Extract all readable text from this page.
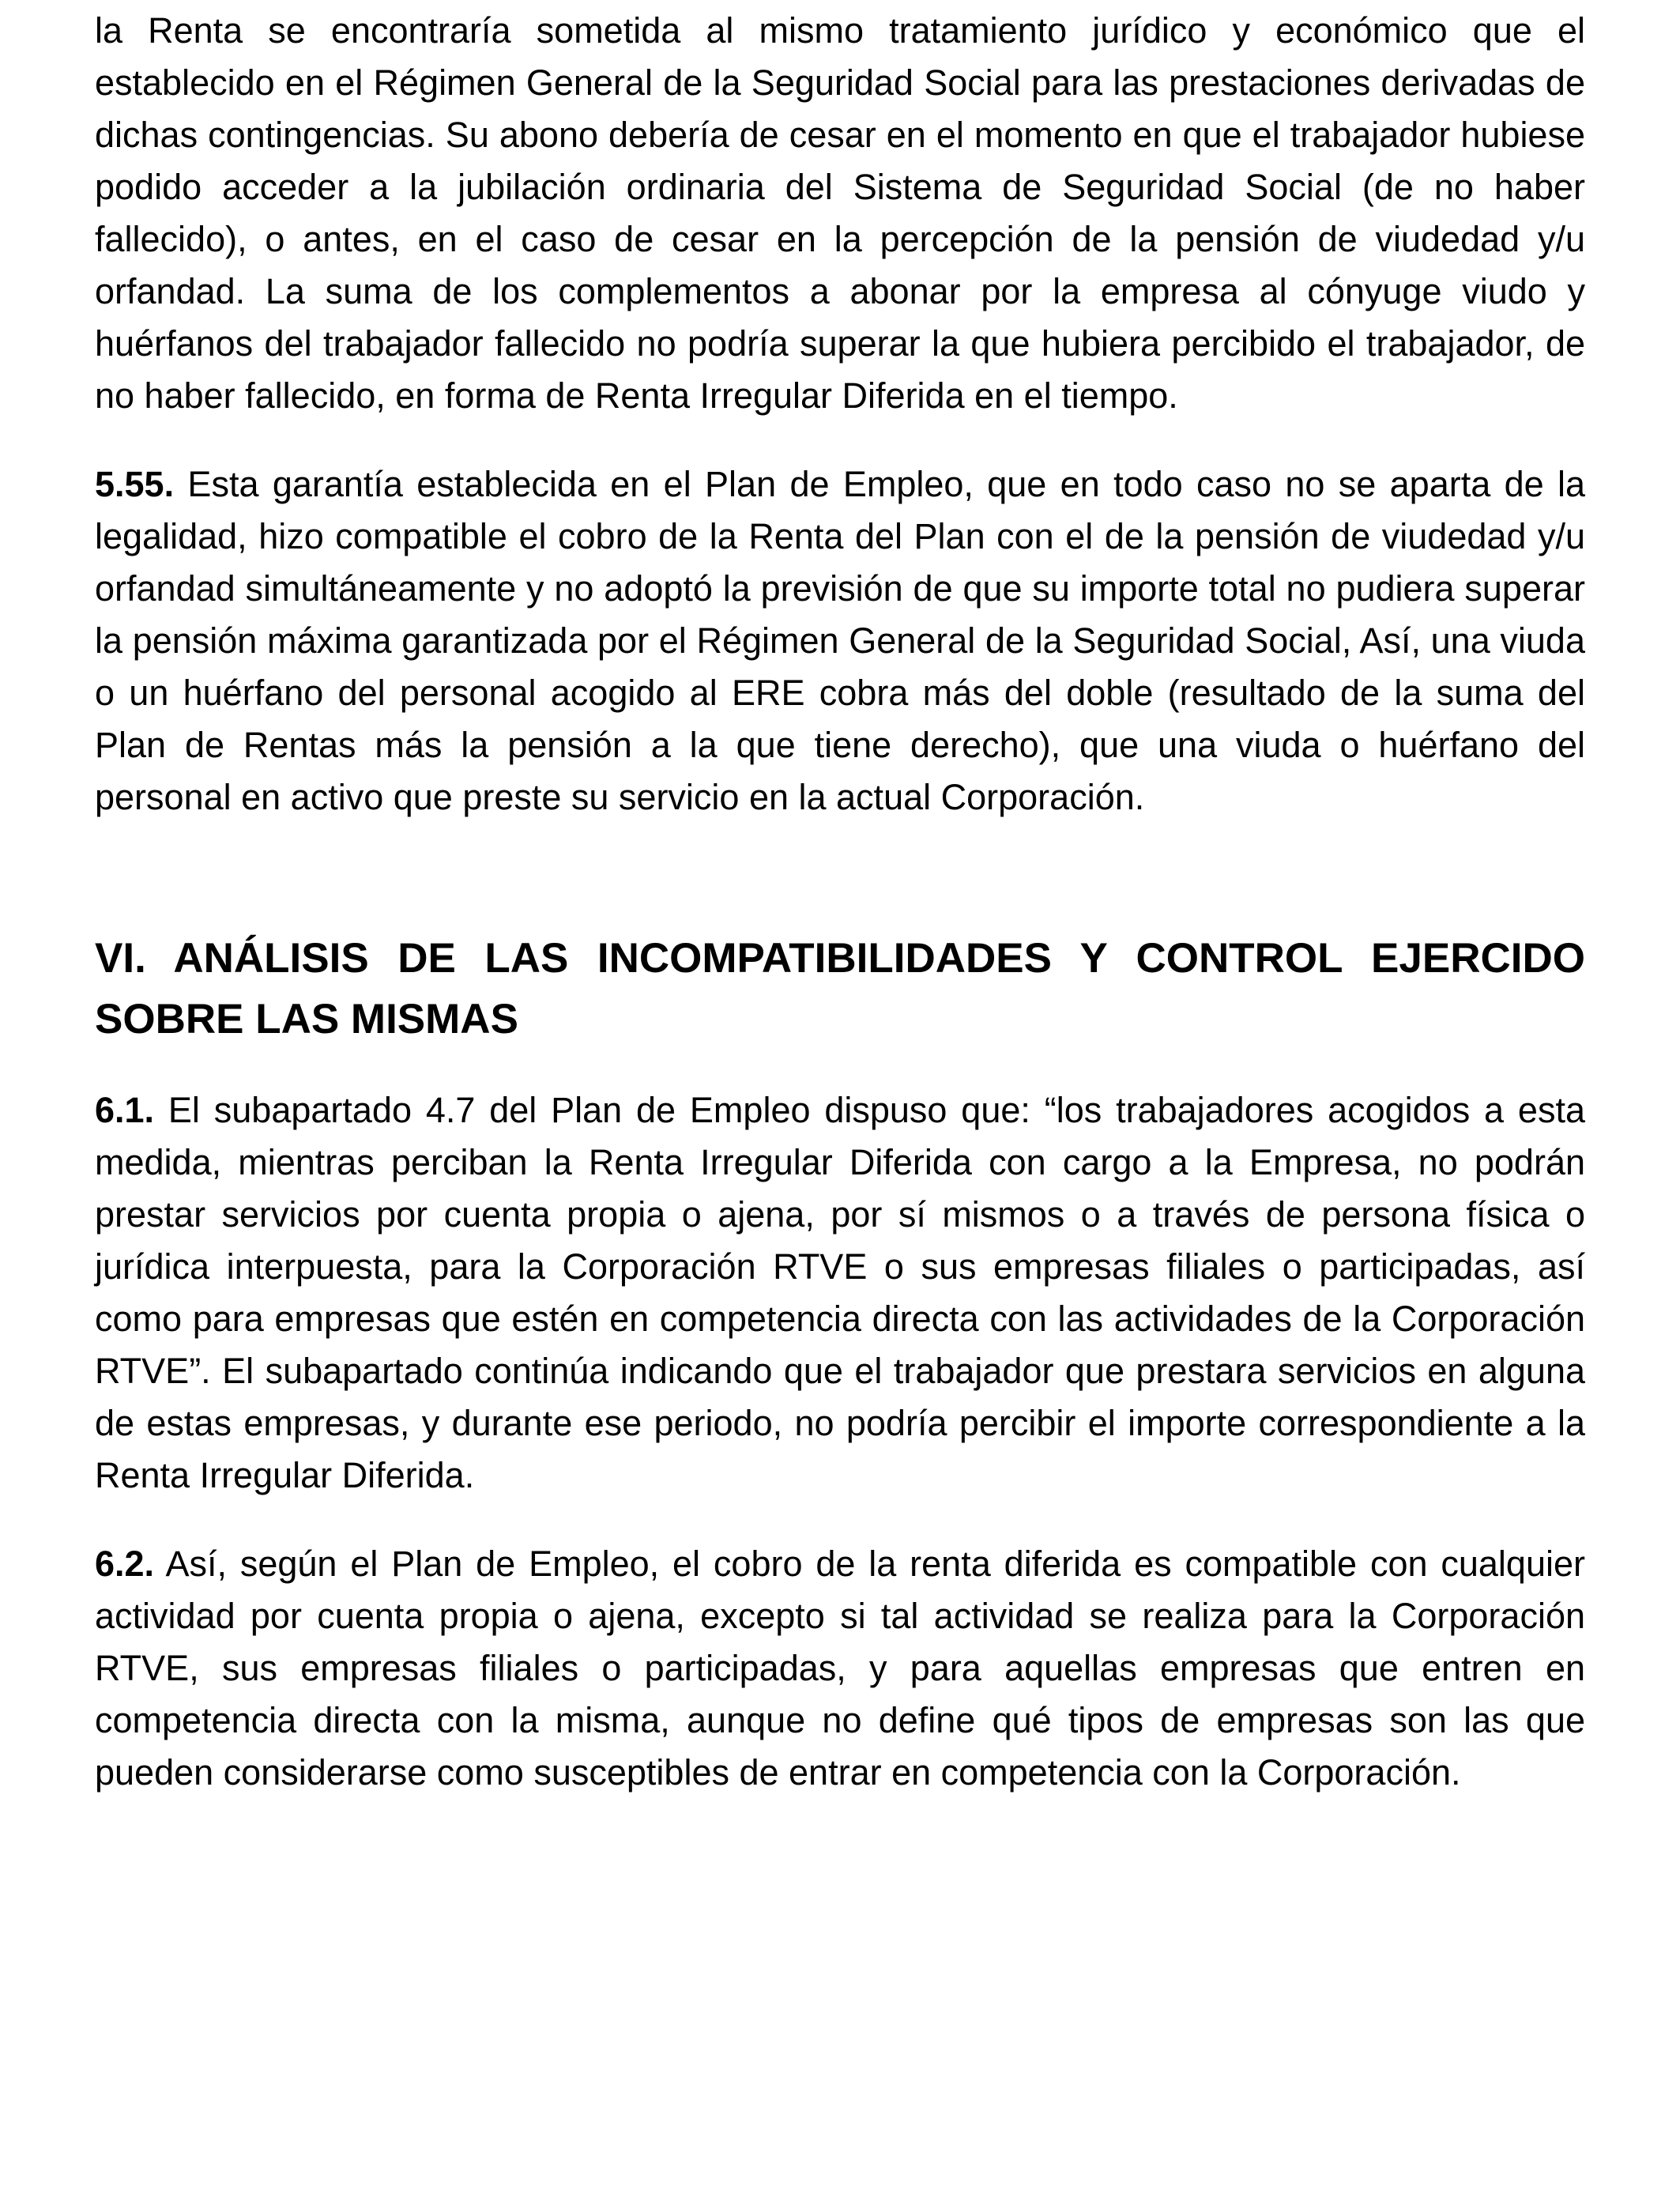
la Renta se encontraría sometida al mismo tratamiento jurídico y económico que el establecido en el Régimen General de la Seguridad Social para las prestaciones derivadas de dichas contingencias. Su abono debería de cesar en el momento en que el trabajador hubiese podido acceder a la jubilación ordinaria del Sistema de Seguridad Social (de no haber fallecido), o antes, en el caso de cesar en la percepción de la pensión de viudedad y/u orfandad. La suma de los complementos a abonar por la empresa al cónyuge viudo y huérfanos del trabajador fallecido no podría superar la que hubiera percibido el trabajador, de no haber fallecido, en forma de Renta Irregular Diferida en el tiempo.

5.55. Esta garantía establecida en el Plan de Empleo, que en todo caso no se aparta de la legalidad, hizo compatible el cobro de la Renta del Plan con el de la pensión de viudedad y/u orfandad simultáneamente y no adoptó la previsión de que su importe total no pudiera superar la pensión máxima garantizada por el Régimen General de la Seguridad Social, Así, una viuda o un huérfano del personal acogido al ERE cobra más del doble (resultado de la suma del Plan de Rentas más la pensión a la que tiene derecho), que una viuda o huérfano del personal en activo que preste su servicio en la actual Corporación.

VI. ANÁLISIS DE LAS INCOMPATIBILIDADES Y CONTROL EJERCIDO SOBRE LAS MISMAS

6.1. El subapartado 4.7 del Plan de Empleo dispuso que: “los trabajadores acogidos a esta medida, mientras perciban la Renta Irregular Diferida con cargo a la Empresa, no podrán prestar servicios por cuenta propia o ajena, por sí mismos o a través de persona física o jurídica interpuesta, para la Corporación RTVE o sus empresas filiales o participadas, así como para empresas que estén en competencia directa con las actividades de la Corporación RTVE”. El subapartado continúa indicando que el trabajador que prestara servicios en alguna de estas empresas, y durante ese periodo, no podría percibir el importe correspondiente a la Renta Irregular Diferida.

6.2. Así, según el Plan de Empleo, el cobro de la renta diferida es compatible con cualquier actividad por cuenta propia o ajena, excepto si tal actividad se realiza para la Corporación RTVE, sus empresas filiales o participadas, y para aquellas empresas que entren en competencia directa con la misma, aunque no define qué tipos de empresas son las que pueden considerarse como susceptibles de entrar en competencia con la Corporación.
